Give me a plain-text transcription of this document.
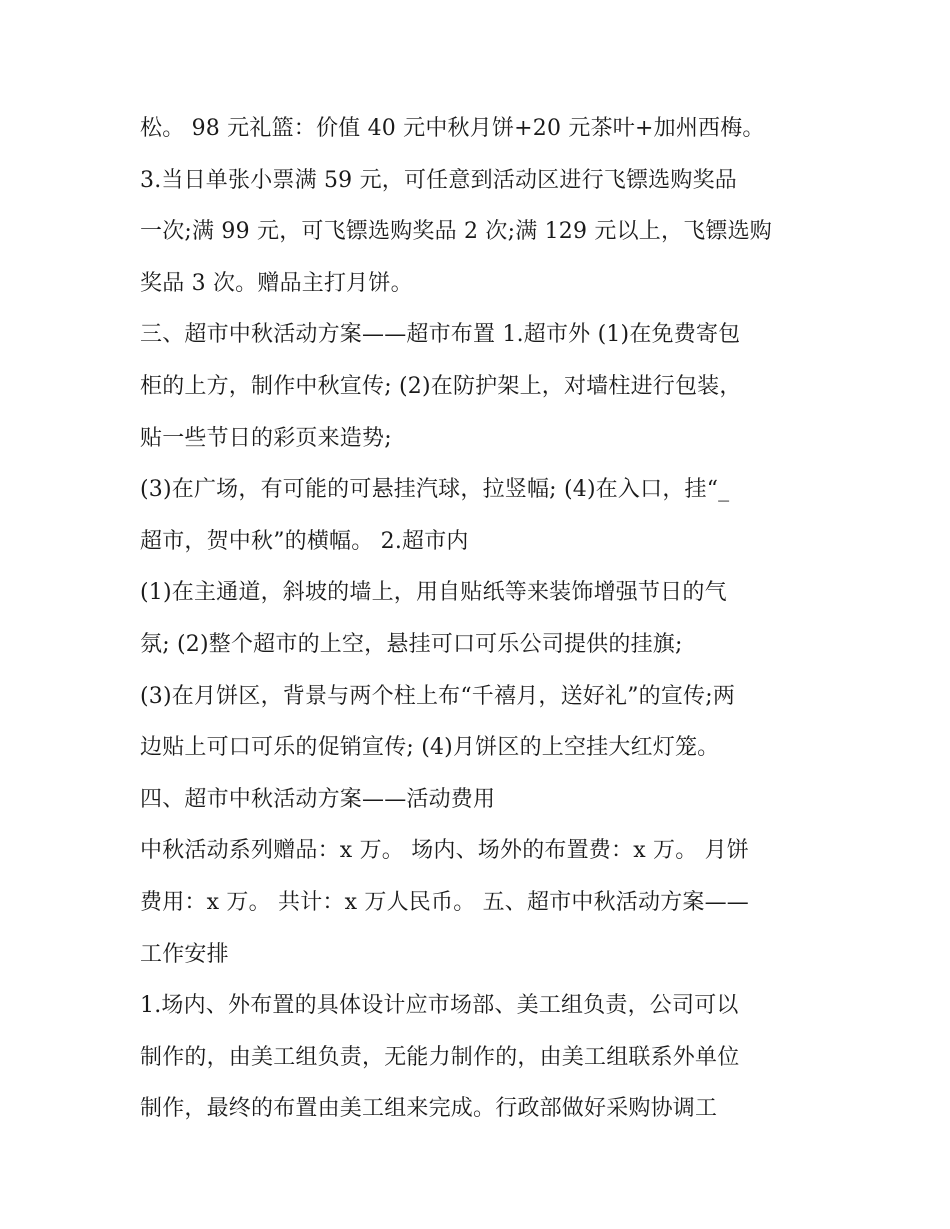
松。 98 元礼篮：价值 40 元中秋月饼+20 元茶叶+加州西梅。
3.当日单张小票满 59 元，可任意到活动区进行飞镖选购奖品
一次;满 99 元，可飞镖选购奖品 2 次;满 129 元以上，飞镖选购
奖品 3 次。赠品主打月饼。
三、超市中秋活动方案——超市布置 1.超市外 (1)在免费寄包
柜的上方，制作中秋宣传; (2)在防护架上，对墙柱进行包装，
贴一些节日的彩页来造势;
(3)在广场，有可能的可悬挂汽球，拉竖幅; (4)在入口，挂“_
超市，贺中秋”的横幅。 2.超市内
(1)在主通道，斜坡的墙上，用自贴纸等来装饰增强节日的气
氛; (2)整个超市的上空，悬挂可口可乐公司提供的挂旗;
(3)在月饼区，背景与两个柱上布“千禧月，送好礼”的宣传;两
边贴上可口可乐的促销宣传; (4)月饼区的上空挂大红灯笼。
四、超市中秋活动方案——活动费用
中秋活动系列赠品：x 万。 场内、场外的布置费：x 万。 月饼
费用：x 万。 共计：x 万人民币。 五、超市中秋活动方案——
工作安排
1.场内、外布置的具体设计应市场部、美工组负责，公司可以
制作的，由美工组负责，无能力制作的，由美工组联系外单位
制作，最终的布置由美工组来完成。行政部做好采购协调工
